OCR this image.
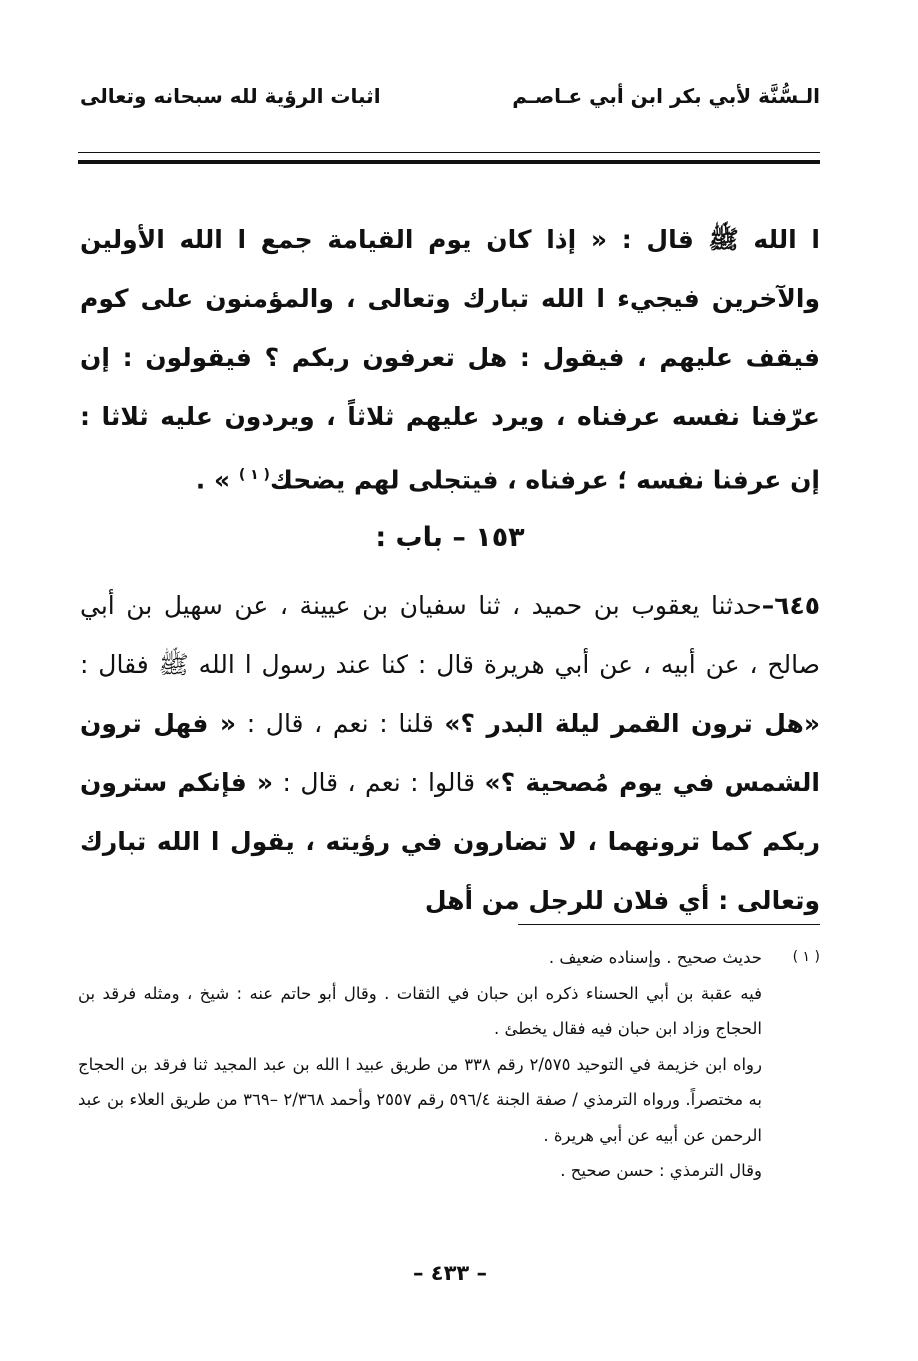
الـسُّنَّة لأبي بكر ابن أبي عـاصـم
اثبات الرؤية لله سبحانه وتعالى
ا الله ﷺ قال : « إذا كان يوم القيامة جمع ا الله الأولين والآخرين فيجيء ا الله تبارك وتعالى ، والمؤمنون على كوم فيقف عليهم ، فيقول : هل تعرفون ربكم ؟ فيقولون : إن عرّفنا نفسه عرفناه ، ويرد عليهم ثلاثاً ، ويردون عليه ثلاثا : إن عرفنا نفسه ؛ عرفناه ، فيتجلى لهم يضحك$^{( ١ )}$ » .
١٥٣ – باب :
٦٤٥–حدثنا يعقوب بن حميد ، ثنا سفيان بن عيينة ، عن سهيل بن أبي صالح ، عن أبيه ، عن أبي هريرة قال : كنا عند رسول ا الله ﷺ فقال : «هل ترون القمر ليلة البدر ؟» قلنا : نعم ، قال : « فهل ترون الشمس في يوم مُصحية ؟» قالوا : نعم ، قال : « فإنكم سترون ربكم كما ترونهما ، لا تضارون في رؤيته ، يقول ا الله تبارك وتعالى : أي فلان للرجل من أهل
( ١ )
حديث صحيح . وإسناده ضعيف .
فيه عقبة بن أبي الحسناء ذكره ابن حبان في الثقات . وقال أبو حاتم عنه : شيخ ، ومثله فرقد بن الحجاج وزاد ابن حبان فيه فقال يخطئ .
رواه ابن خزيمة في التوحيد ٢/٥٧٥ رقم ٣٣٨ من طريق عبيد ا الله بن عبد المجيد ثنا فرقد بن الحجاج به مختصراً. ورواه الترمذي / صفة الجنة ٥٩٦/٤ رقم ٢٥٥٧ وأحمد ٢/٣٦٨ –٣٦٩ من طريق العلاء بن عبد الرحمن عن أبيه عن أبي هريرة .
وقال الترمذي : حسن صحيح .
– ٤٣٣ –
